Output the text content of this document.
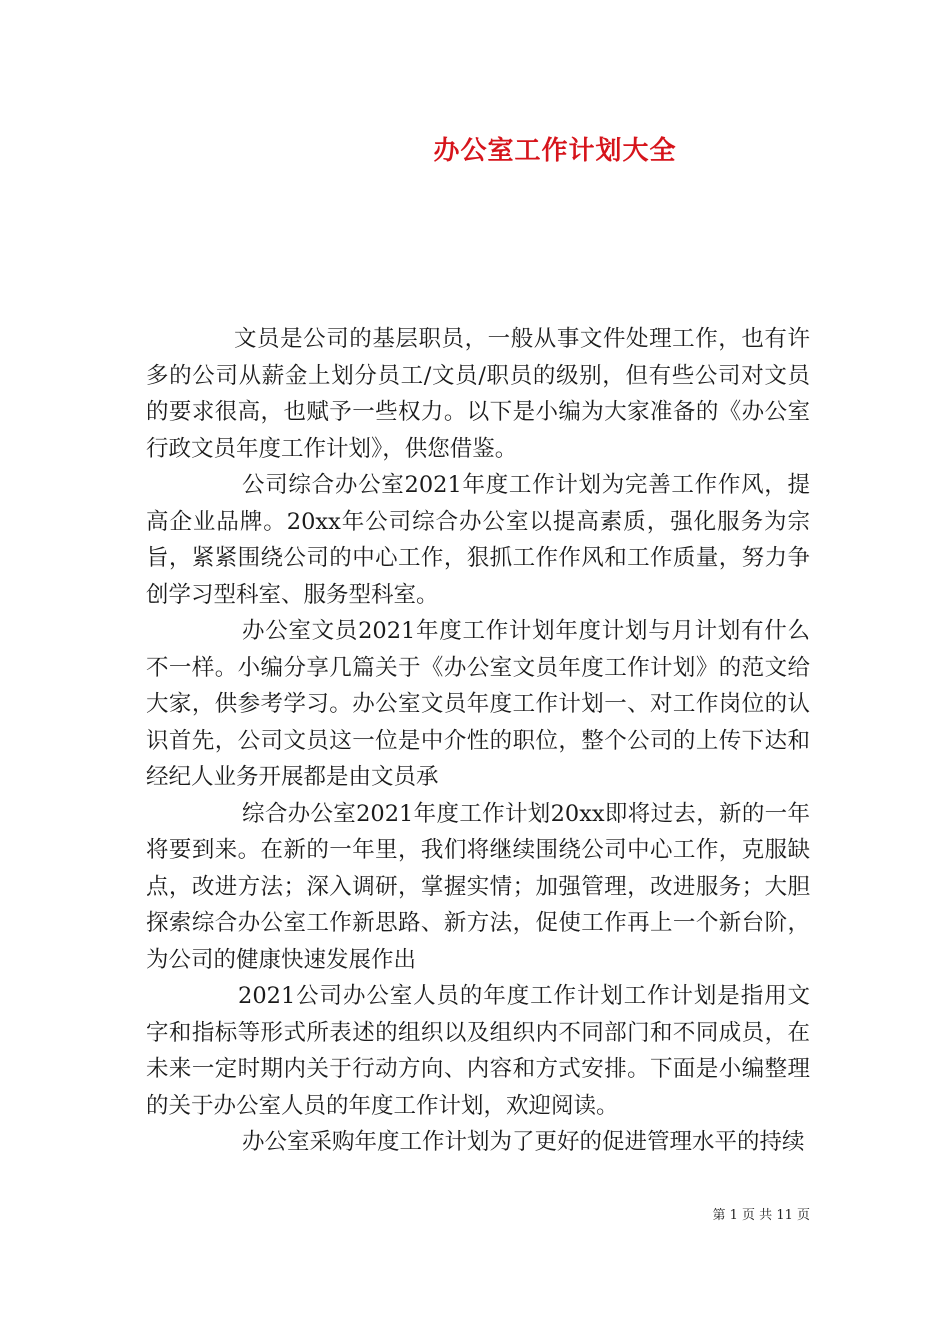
办公室工作计划大全

文员是公司的基层职员，一般从事文件处理工作，也有许多的公司从薪金上划分员工/文员/职员的级别，但有些公司对文员的要求很高，也赋予一些权力。以下是小编为大家准备的《办公室行政文员年度工作计划》，供您借鉴。

公司综合办公室2021年度工作计划为完善工作作风，提高企业品牌。20xx年公司综合办公室以提高素质，强化服务为宗旨，紧紧围绕公司的中心工作，狠抓工作作风和工作质量，努力争创学习型科室、服务型科室。

办公室文员2021年度工作计划年度计划与月计划有什么不一样。小编分享几篇关于《办公室文员年度工作计划》的范文给大家，供参考学习。办公室文员年度工作计划一、对工作岗位的认识首先，公司文员这一位是中介性的职位，整个公司的上传下达和经纪人业务开展都是由文员承

综合办公室2021年度工作计划20xx即将过去，新的一年将要到来。在新的一年里，我们将继续围绕公司中心工作，克服缺点，改进方法；深入调研，掌握实情；加强管理，改进服务；大胆探索综合办公室工作新思路、新方法，促使工作再上一个新台阶，为公司的健康快速发展作出

2021公司办公室人员的年度工作计划工作计划是指用文字和指标等形式所表述的组织以及组织内不同部门和不同成员，在未来一定时期内关于行动方向、内容和方式安排。下面是小编整理的关于办公室人员的年度工作计划，欢迎阅读。

办公室采购年度工作计划为了更好的促进管理水平的持续

第 1 页 共 11 页
